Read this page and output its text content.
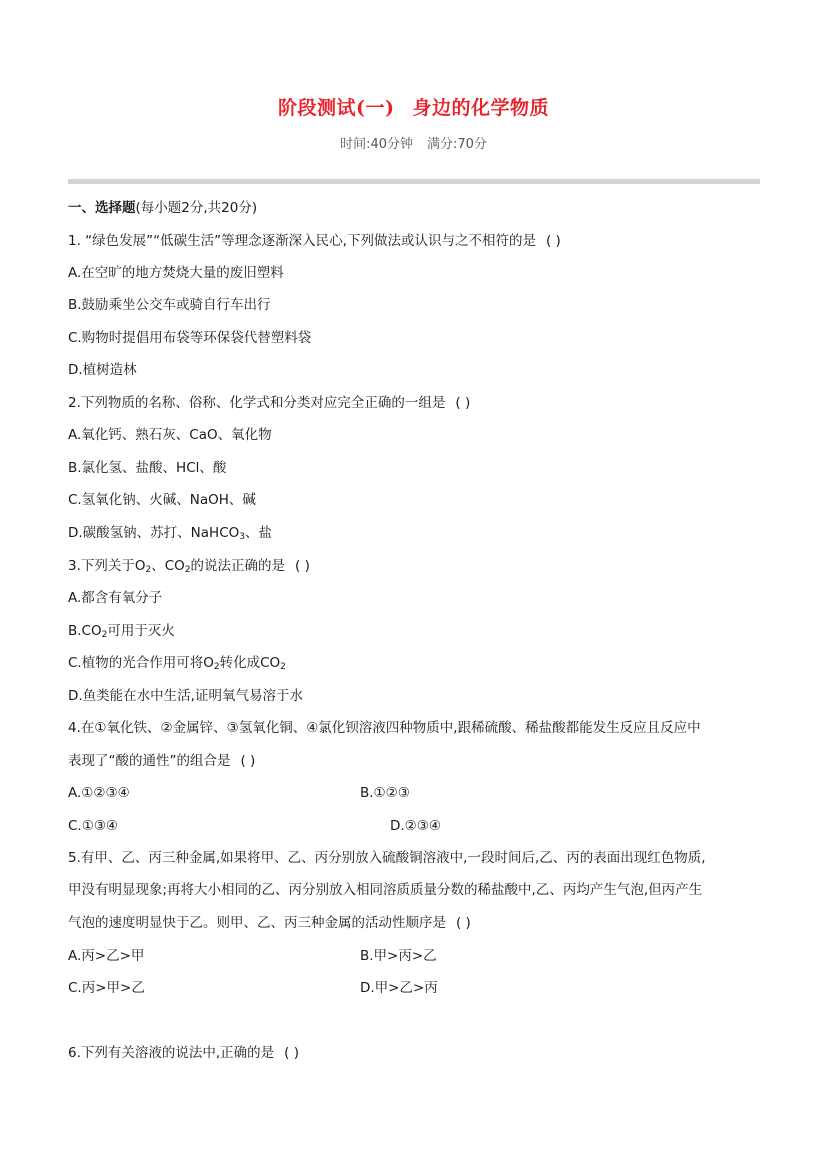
阶段测试(一) 身边的化学物质
时间:40分钟 满分:70分
一、选择题(每小题2分,共20分)
1. “绿色发展”“低碳生活”等理念逐渐深入民心,下列做法或认识与之不相符的是 ( )
A.在空旷的地方焚烧大量的废旧塑料
B.鼓励乘坐公交车或骑自行车出行
C.购物时提倡用布袋等环保袋代替塑料袋
D.植树造林
2.下列物质的名称、俗称、化学式和分类对应完全正确的一组是 ( )
A.氧化钙、熟石灰、CaO、氧化物
B.氯化氢、盐酸、HCl、酸
C.氢氧化钠、火碱、NaOH、碱
D.碳酸氢钠、苏打、NaHCO$_3$、盐
3.下列关于$O_2$、$CO_2$的说法正确的是 ( )
A.都含有氧分子
$B.CO_2$可用于灭火
C.植物的光合作用可将$O_2$转化成$CO_2$
D.鱼类能在水中生活,证明氧气易溶于水
4.在①氧化铁、②金属锌、③氢氧化铜、④氯化钡溶液四种物质中,跟稀硫酸、稀盐酸都能发生反应且反应中
表现了“酸的通性”的组合是 ( )
A.①②③④	B.①②③
C.①③④	D.②③④
5.有甲、乙、丙三种金属,如果将甲、乙、丙分别放入硫酸铜溶液中,一段时间后,乙、丙的表面出现红色物质,
甲没有明显现象;再将大小相同的乙、丙分别放入相同溶质质量分数的稀盐酸中,乙、丙均产生气泡,但丙产生
气泡的速度明显快于乙。则甲、乙、丙三种金属的活动性顺序是 ( )
A.丙>乙>甲	B.甲>丙>乙
C.丙>甲>乙	D.甲>乙>丙
6.下列有关溶液的说法中,正确的是 ( )
